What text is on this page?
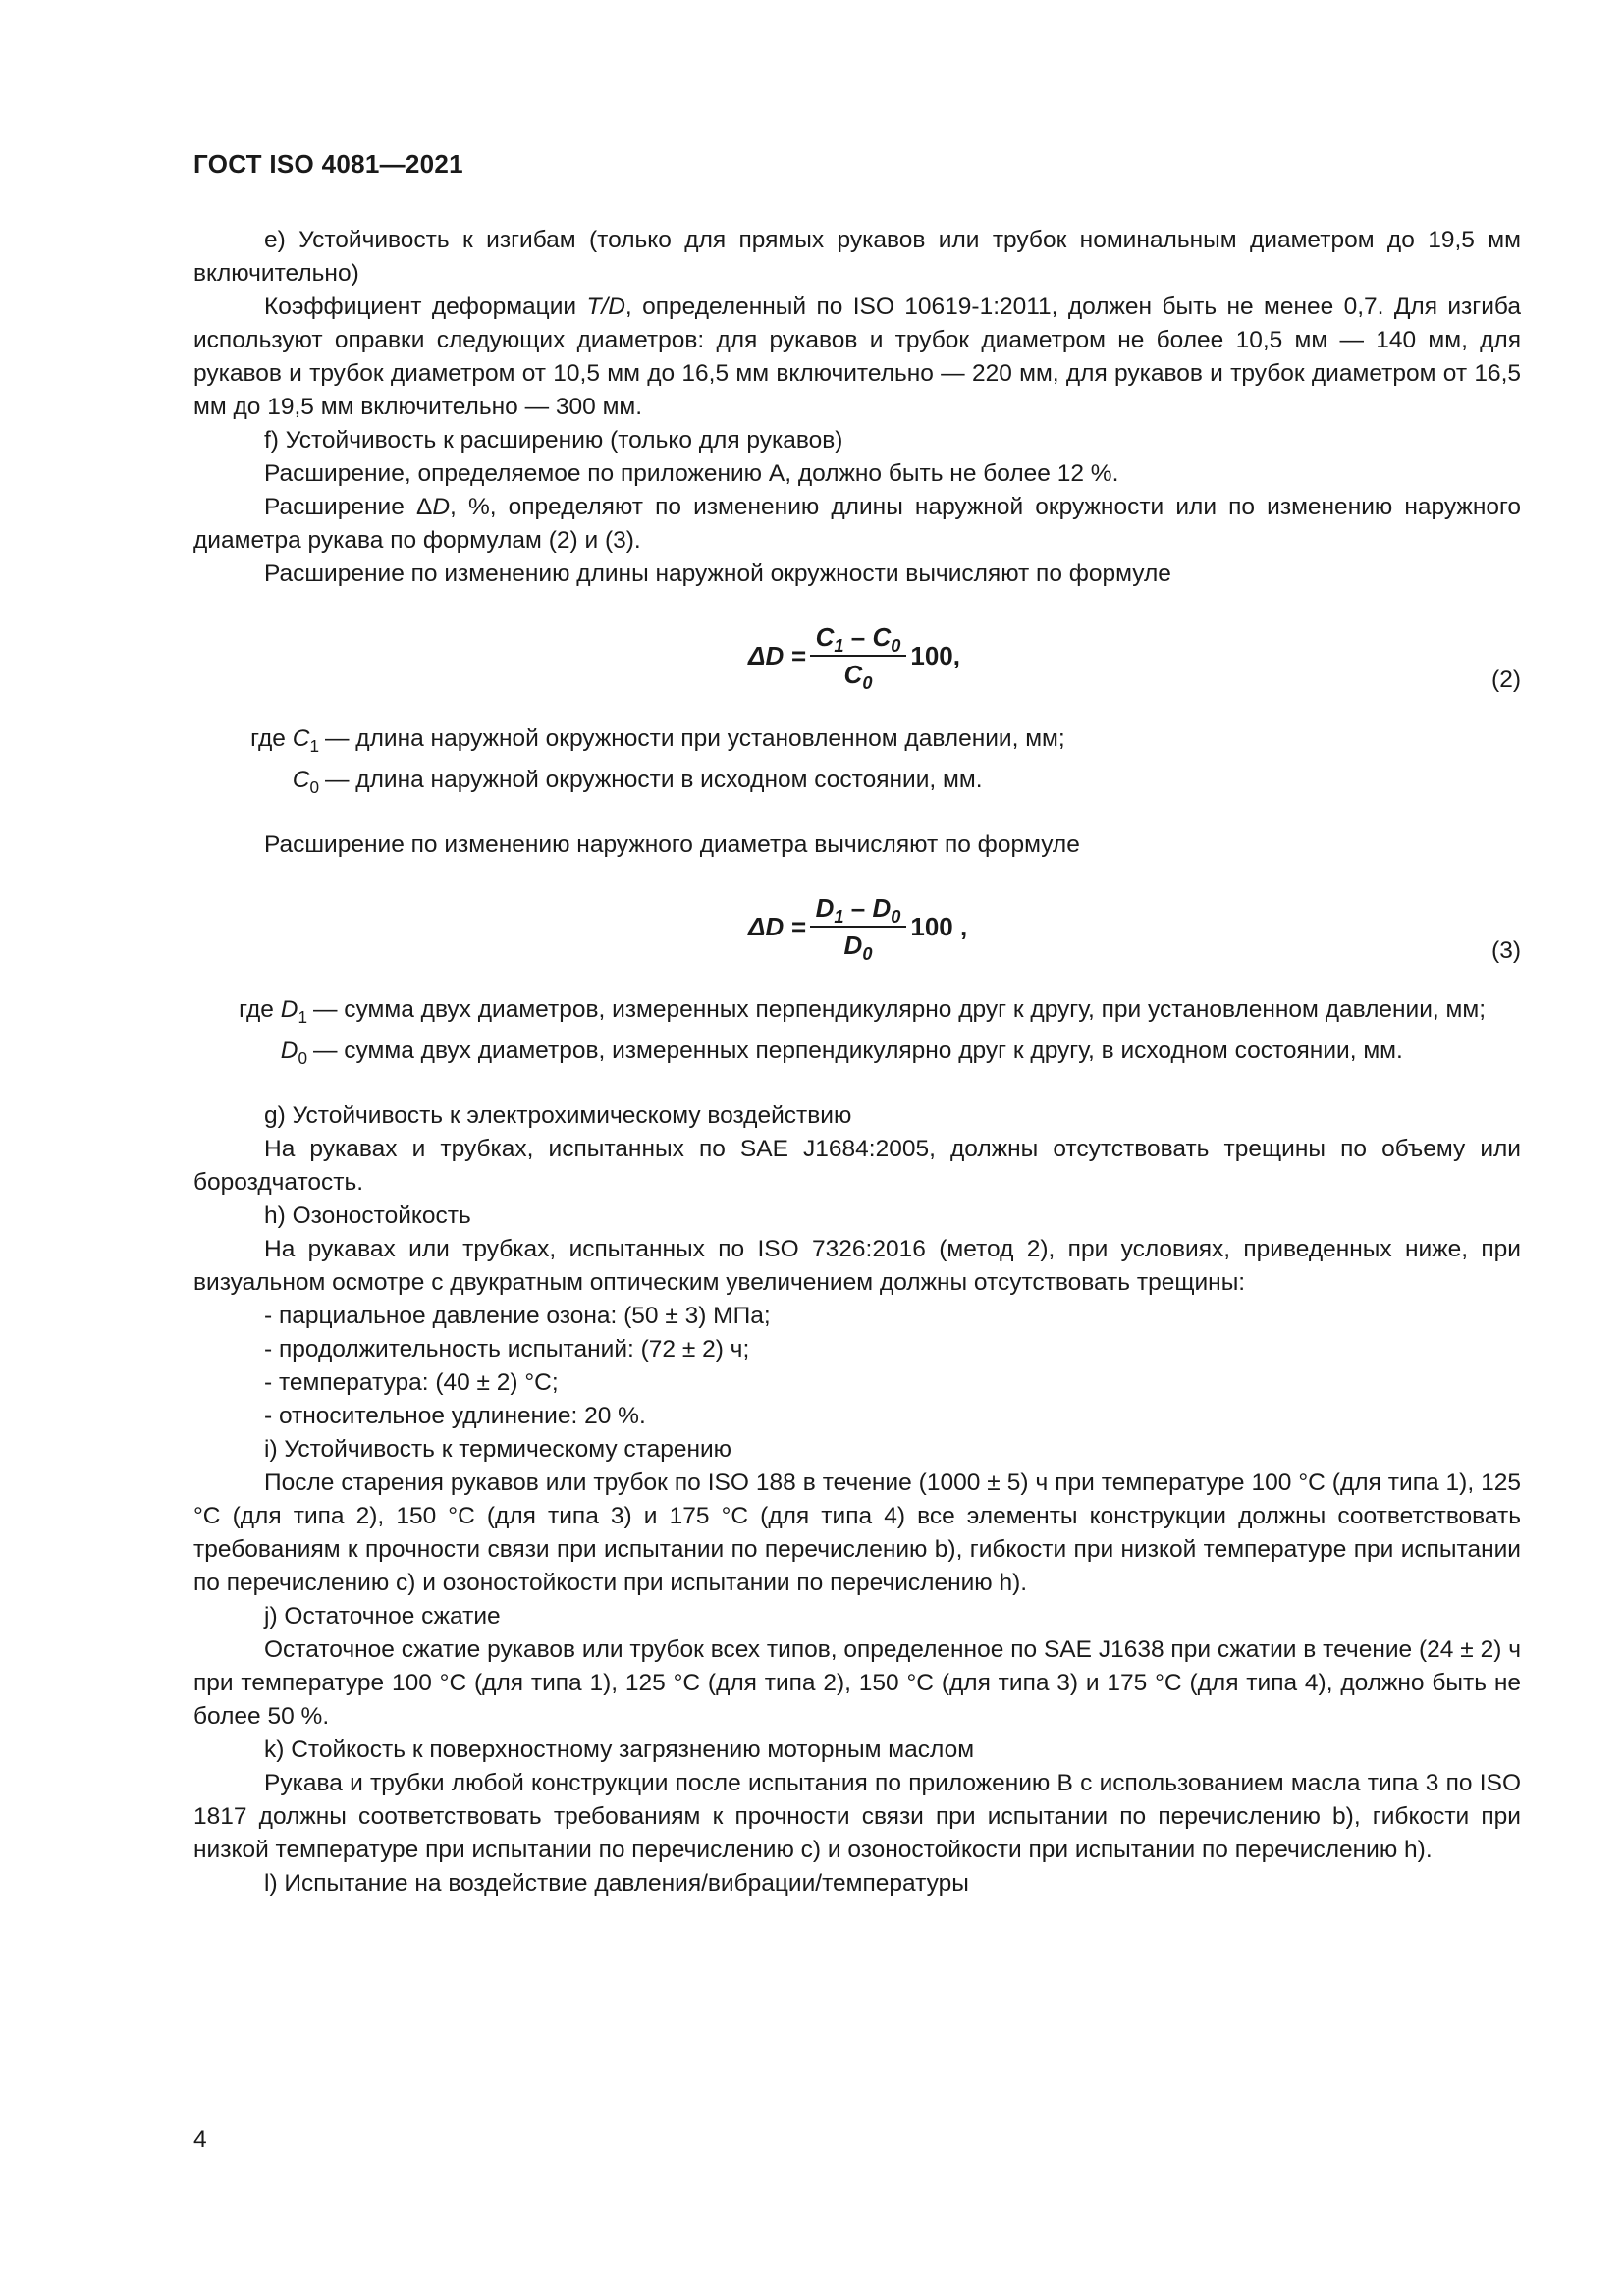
ГОСТ ISO 4081—2021

е) Устойчивость к изгибам (только для прямых рукавов или трубок номинальным диаметром до 19,5 мм включительно)

Коэффициент деформации T/D, определенный по ISO 10619-1:2011, должен быть не менее 0,7. Для изгиба используют оправки следующих диаметров: для рукавов и трубок диаметром не более 10,5 мм — 140 мм, для рукавов и трубок диаметром от 10,5 мм до 16,5 мм включительно — 220 мм, для рукавов и трубок диаметром от 16,5 мм до 19,5 мм включительно — 300 мм.

f) Устойчивость к расширению (только для рукавов)

Расширение, определяемое по приложению А, должно быть не более 12 %.

Расширение ΔD, %, определяют по изменению длины наружной окружности или по изменению наружного диаметра рукава по формулам (2) и (3).

Расширение по изменению длины наружной окружности вычисляют по формуле

$\Delta D = \frac{C_1 - C_0}{C_0} 100$,
(2)
где $C_1$ — длина наружной окружности при установленном давлении, мм;
$C_0$ — длина наружной окружности в исходном состоянии, мм.

Расширение по изменению наружного диаметра вычисляют по формуле

$\Delta D = \frac{D_1 - D_0}{D_0} 100$ ,
(3)
где $D_1$ — сумма двух диаметров, измеренных перпендикулярно друг к другу, при установленном давлении, мм;
$D_0$ — сумма двух диаметров, измеренных перпендикулярно друг к другу, в исходном состоянии, мм.

g) Устойчивость к электрохимическому воздействию

На рукавах и трубках, испытанных по SAE J1684:2005, должны отсутствовать трещины по объему или бороздчатость.

h) Озоностойкость

На рукавах или трубках, испытанных по ISO 7326:2016 (метод 2), при условиях, приведенных ниже, при визуальном осмотре с двукратным оптическим увеличением должны отсутствовать трещины:

- парциальное давление озона: (50 ± 3) МПа;

- продолжительность испытаний: (72 ± 2) ч;

- температура: (40 ± 2) °С;

- относительное удлинение: 20 %.

i) Устойчивость к термическому старению

После старения рукавов или трубок по ISO 188 в течение (1000 ± 5) ч при температуре 100 °С (для типа 1), 125 °С (для типа 2), 150 °С (для типа 3) и 175 °С (для типа 4) все элементы конструкции должны соответствовать требованиям к прочности связи при испытании по перечислению b), гибкости при низкой температуре при испытании по перечислению с) и озоностойкости при испытании по перечислению h).

j) Остаточное сжатие

Остаточное сжатие рукавов или трубок всех типов, определенное по SAE J1638 при сжатии в течение (24 ± 2) ч при температуре 100 °С (для типа 1), 125 °С (для типа 2), 150 °С (для типа 3) и 175 °С (для типа 4), должно быть не более 50 %.

k) Стойкость к поверхностному загрязнению моторным маслом

Рукава и трубки любой конструкции после испытания по приложению В с использованием масла типа 3 по ISO 1817 должны соответствовать требованиям к прочности связи при испытании по перечислению b), гибкости при низкой температуре при испытании по перечислению с) и озоностойкости при испытании по перечислению h).

l) Испытание на воздействие давления/вибрации/температуры

4
